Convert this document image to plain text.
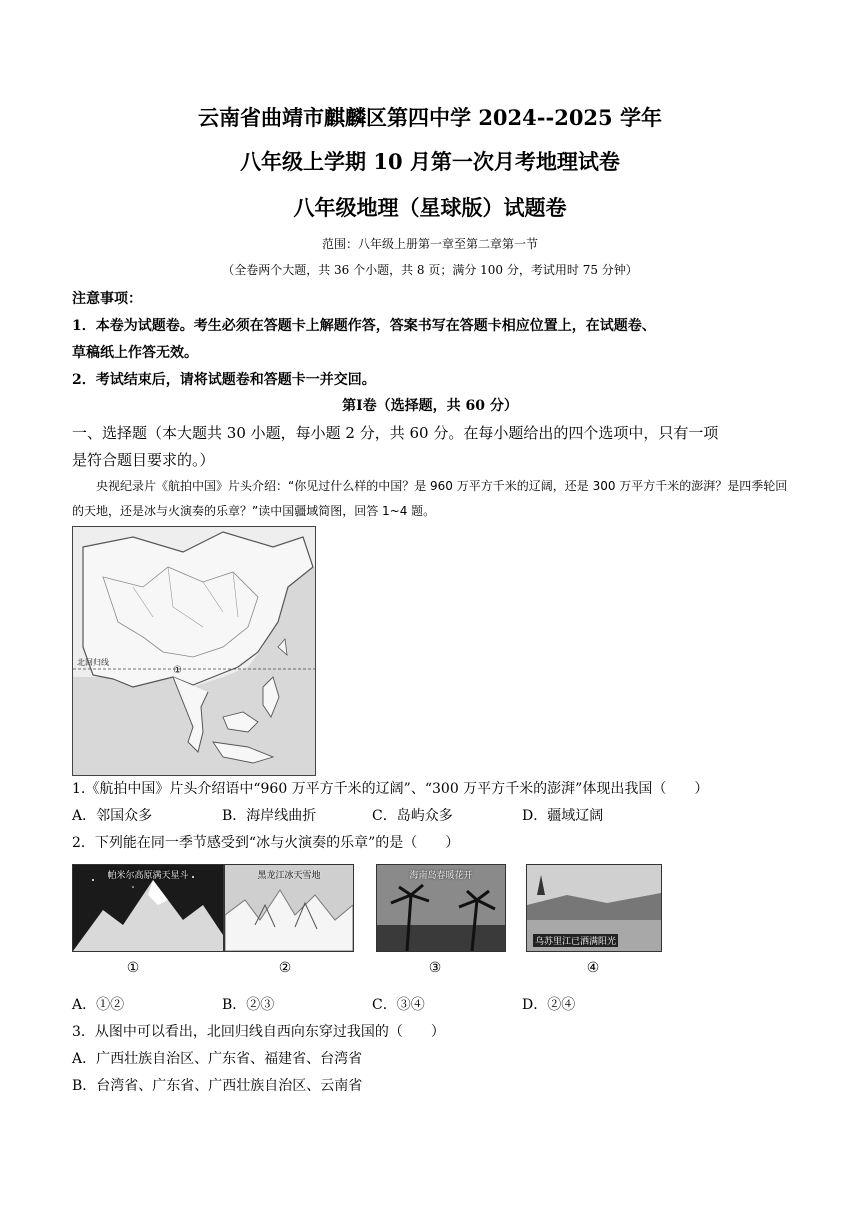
云南省曲靖市麒麟区第四中学 2024--2025 学年
八年级上学期 10 月第一次月考地理试卷
八年级地理（星球版）试题卷
范围：八年级上册第一章至第二章第一节
（全卷两个大题，共 36 个小题，共 8 页；满分 100 分，考试用时 75 分钟）
注意事项：
1．本卷为试题卷。考生必须在答题卡上解题作答，答案书写在答题卡相应位置上，在试题卷、
草稿纸上作答无效。
2．考试结束后，请将试题卷和答题卡一并交回。
第Ⅰ卷（选择题，共 60 分）
一、选择题（本大题共 30 小题，每小题 2 分，共 60 分。在每小题给出的四个选项中，只有一项
是符合题目要求的。）
央视纪录片《航拍中国》片头介绍：“你见过什么样的中国？是 960 万平方千米的辽阔，还是 300 万平方千米的澎湃？是四季轮回的天地，还是冰与火演奏的乐章？”读中国疆域简图，回答 1~4 题。
北回归线
①
1.《航拍中国》片头介绍语中“960 万平方千米的辽阔”、“300 万平方千米的澎湃”体现出我国（　　）
A．邻国众多	B．海岸线曲折	C．岛屿众多	D．疆域辽阔
2．下列能在同一季节感受到“冰与火演奏的乐章”的是（　　）
帕米尔高原满天星斗	黑龙江冰天雪地	海南岛春暖花开
乌苏里江已洒满阳光
①	②	③	④
A．①②	B．②③	C．③④	D．②④
3．从图中可以看出，北回归线自西向东穿过我国的（　　）
A．广西壮族自治区、广东省、福建省、台湾省
B．台湾省、广东省、广西壮族自治区、云南省
